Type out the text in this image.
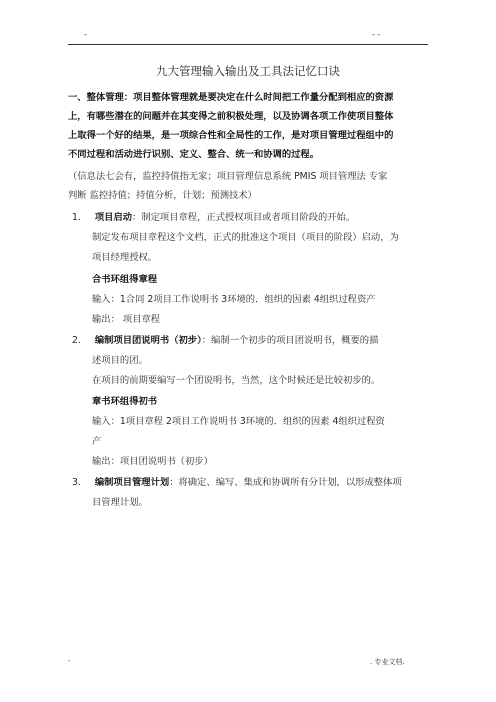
-	- -
九大管理输入输出及工具法记忆口诀
一、整体管理：项目整体管理就是要决定在什么时间把工作量分配到相应的资源
上，有哪些潜在的问题并在其变得之前积极处理，以及协调各项工作使项目整体
上取得一个好的结果，是一项综合性和全局性的工作，是对项目管理过程组中的
不同过程和活动进行识别、定义、整合、统一和协调的过程。
（信息法七会有，监控持值指无家；项目管理信息系统 PMIS 项目管理法 专家
判断 监控持值；持值分析，计划；预测技术）
1. 项目启动：制定项目章程，正式授权项目或者项目阶段的开始。
制定发布项目章程这个文档，正式的批准这个项目（项目的阶段）启动，为
项目经理授权。
合书环组得章程
输入：1合同 2项目工作说明书 3环境的．组织的因素 4组织过程资产
输出： 项目章程
2. 编制项目团说明书（初步）：编制一个初步的项目团说明书，概要的描
述项目的团。
在项目的前期要编写一个团说明书，当然，这个时候还是比较初步的。
章书环组得初书
输入：1项目章程 2项目工作说明书 3环境的．组织的因素 4组织过程资
产
输出：项目团说明书（初步）
3. 编制项目管理计划：将确定、编写、集成和协调所有分计划，以形成整体项
目管理计划。
-	. 专业文档.
